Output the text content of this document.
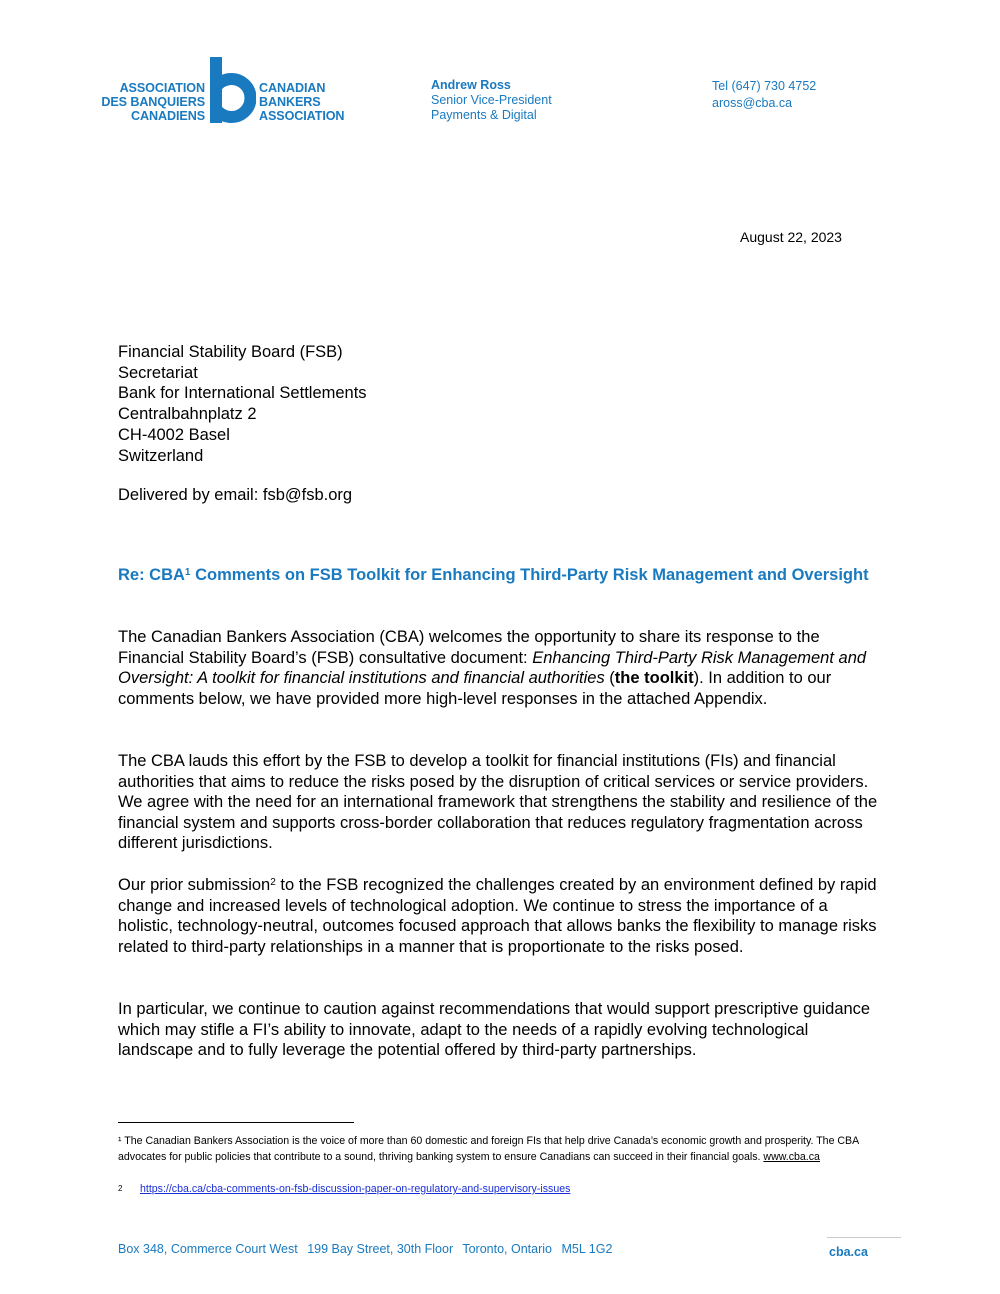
ASSOCIATION
DES BANQUIERS
CANADIENS
CANADIAN
BANKERS
ASSOCIATION
Andrew Ross
Senior Vice-President
Payments & Digital
Tel (647) 730 4752
aross@cba.ca
August 22, 2023
Financial Stability Board (FSB)
Secretariat
Bank for International Settlements
Centralbahnplatz 2
CH-4002 Basel
Switzerland
Delivered by email: fsb@fsb.org
Re: CBA$^1$ Comments on FSB Toolkit for Enhancing Third-Party Risk Management and Oversight
The Canadian Bankers Association (CBA) welcomes the opportunity to share its response to the Financial Stability Board’s (FSB) consultative document: Enhancing Third-Party Risk Management and Oversight: A toolkit for financial institutions and financial authorities (the toolkit). In addition to our comments below, we have provided more high-level responses in the attached Appendix.
The CBA lauds this effort by the FSB to develop a toolkit for financial institutions (FIs) and financial authorities that aims to reduce the risks posed by the disruption of critical services or service providers. We agree with the need for an international framework that strengthens the stability and resilience of the financial system and supports cross-border collaboration that reduces regulatory fragmentation across different jurisdictions.
Our prior submission$^2$ to the FSB recognized the challenges created by an environment defined by rapid change and increased levels of technological adoption. We continue to stress the importance of a holistic, technology-neutral, outcomes focused approach that allows banks the flexibility to manage risks related to third-party relationships in a manner that is proportionate to the risks posed.
In particular, we continue to caution against recommendations that would support prescriptive guidance which may stifle a FI’s ability to innovate, adapt to the needs of a rapidly evolving technological landscape and to fully leverage the potential offered by third-party partnerships.
¹ The Canadian Bankers Association is the voice of more than 60 domestic and foreign FIs that help drive Canada’s economic growth and prosperity. The CBA advocates for public policies that contribute to a sound, thriving banking system to ensure Canadians can succeed in their financial goals. www.cba.ca
2 https://cba.ca/cba-comments-on-fsb-discussion-paper-on-regulatory-and-supervisory-issues
Box 348, Commerce Court West 199 Bay Street, 30th Floor Toronto, Ontario M5L 1G2	cba.ca
